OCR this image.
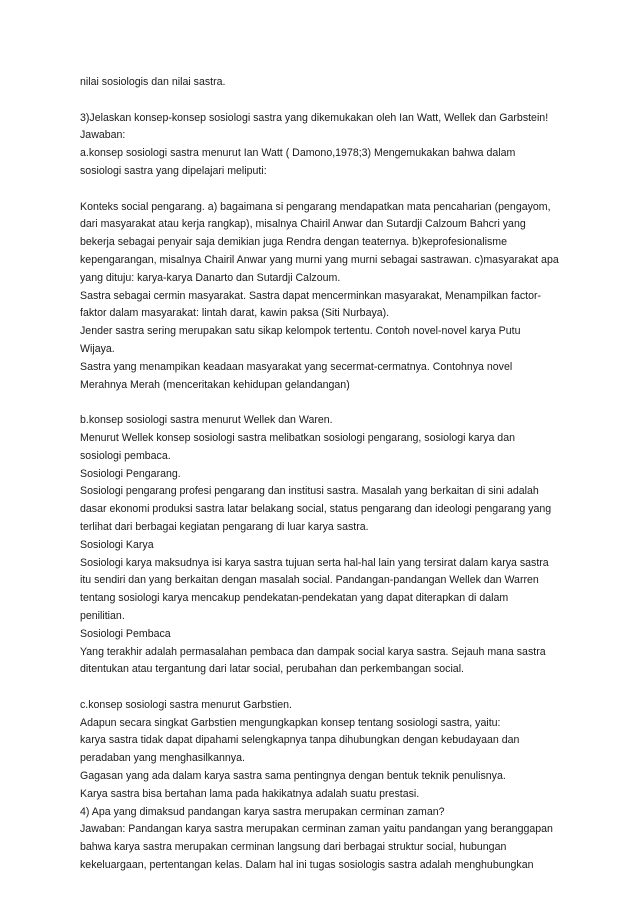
nilai sosiologis dan nilai sastra.

3)Jelaskan konsep-konsep sosiologi sastra yang dikemukakan oleh Ian Watt, Wellek dan Garbstein!

Jawaban:

a.konsep sosiologi sastra menurut Ian Watt ( Damono,1978;3) Mengemukakan bahwa dalam

sosiologi sastra yang dipelajari meliputi:

Konteks social pengarang. a) bagaimana si pengarang mendapatkan mata pencaharian (pengayom,

dari masyarakat atau kerja rangkap), misalnya Chairil Anwar dan Sutardji Calzoum Bahcri yang

bekerja sebagai penyair saja demikian juga Rendra dengan teaternya. b)keprofesionalisme

kepengarangan, misalnya Chairil Anwar yang murni yang murni sebagai sastrawan. c)masyarakat apa

yang dituju: karya-karya Danarto dan Sutardji Calzoum.

Sastra sebagai cermin masyarakat. Sastra dapat mencerminkan masyarakat, Menampilkan factor-

faktor dalam masyarakat: lintah darat, kawin paksa (Siti Nurbaya).

Jender sastra sering merupakan satu sikap kelompok tertentu. Contoh novel-novel karya Putu

Wijaya.

Sastra yang menampikan keadaan masyarakat yang secermat-cermatnya. Contohnya novel

Merahnya Merah (menceritakan kehidupan gelandangan)

b.konsep sosiologi sastra menurut Wellek dan Waren.

Menurut Wellek konsep sosiologi sastra melibatkan sosiologi pengarang, sosiologi karya dan

sosiologi pembaca.

Sosiologi Pengarang.

Sosiologi pengarang profesi pengarang dan institusi sastra. Masalah yang berkaitan di sini adalah

dasar ekonomi produksi sastra latar belakang social, status pengarang dan ideologi pengarang yang

terlihat dari berbagai kegiatan pengarang di luar karya sastra.

Sosiologi Karya

Sosiologi karya maksudnya isi karya sastra tujuan serta hal-hal lain yang tersirat dalam karya sastra

itu sendiri dan yang berkaitan dengan masalah social. Pandangan-pandangan Wellek dan Warren

tentang sosiologi karya mencakup pendekatan-pendekatan yang dapat diterapkan di dalam

penilitian.

Sosiologi Pembaca

Yang terakhir adalah permasalahan pembaca dan dampak social karya sastra. Sejauh mana sastra

ditentukan atau tergantung dari latar social, perubahan dan perkembangan social.

c.konsep sosiologi sastra menurut Garbstien.

Adapun secara singkat Garbstien mengungkapkan konsep tentang sosiologi sastra, yaitu:

karya sastra tidak dapat dipahami selengkapnya tanpa dihubungkan dengan kebudayaan dan

peradaban yang menghasilkannya.

Gagasan yang ada dalam karya sastra sama pentingnya dengan bentuk teknik penulisnya.

Karya sastra bisa bertahan lama pada hakikatnya adalah suatu prestasi.

4) Apa yang dimaksud pandangan karya sastra merupakan cerminan zaman?

Jawaban: Pandangan karya sastra merupakan cerminan zaman yaitu pandangan yang beranggapan

bahwa karya sastra merupakan cerminan langsung dari berbagai struktur social, hubungan

kekeluargaan, pertentangan kelas. Dalam hal ini tugas sosiologis sastra adalah menghubungkan
